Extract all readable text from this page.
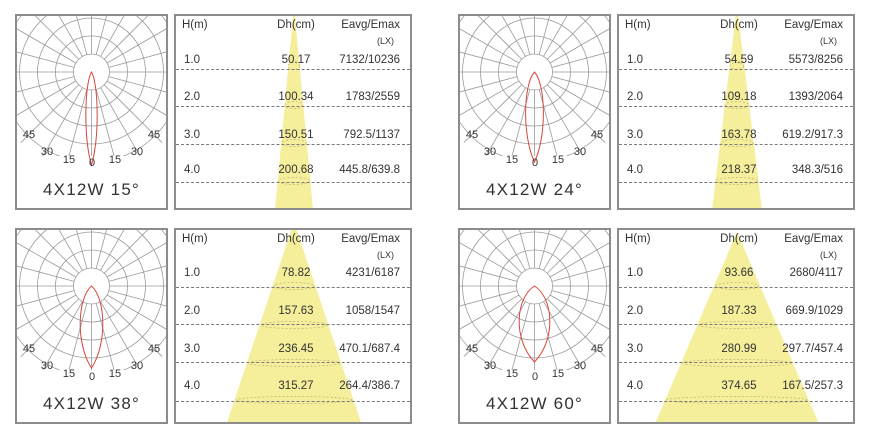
45
30
15 0 15
30
45
4X12W 15°
H(m)	Dh(cm)	Eavg/Emax
(LX)
1.0	50.17	7132/10236
2.0	100.34	1783/2559
3.0	150.51	792.5/1137
4.0	200.68	445.8/639.8
45
30
15 0 15
30
45
4X12W 24°
H(m)	Dh(cm)	Eavg/Emax
(LX)
1.0	54.59	5573/8256
2.0	109.18	1393/2064
3.0	163.78	619.2/917.3
4.0	218.37	348.3/516
45
30
15 0 15
30
45
4X12W 38°
H(m)	Dh(cm)	Eavg/Emax
(LX)
1.0	78.82	4231/6187
2.0	157.63	1058/1547
3.0	236.45	470.1/687.4
4.0	315.27	264.4/386.7
45
30
15 0 15
30
45
4X12W 60°
H(m)	Dh(cm)	Eavg/Emax
(LX)
1.0	93.66	2680/4117
2.0	187.33	669.9/1029
3.0	280.99	297.7/457.4
4.0	374.65	167.5/257.3
